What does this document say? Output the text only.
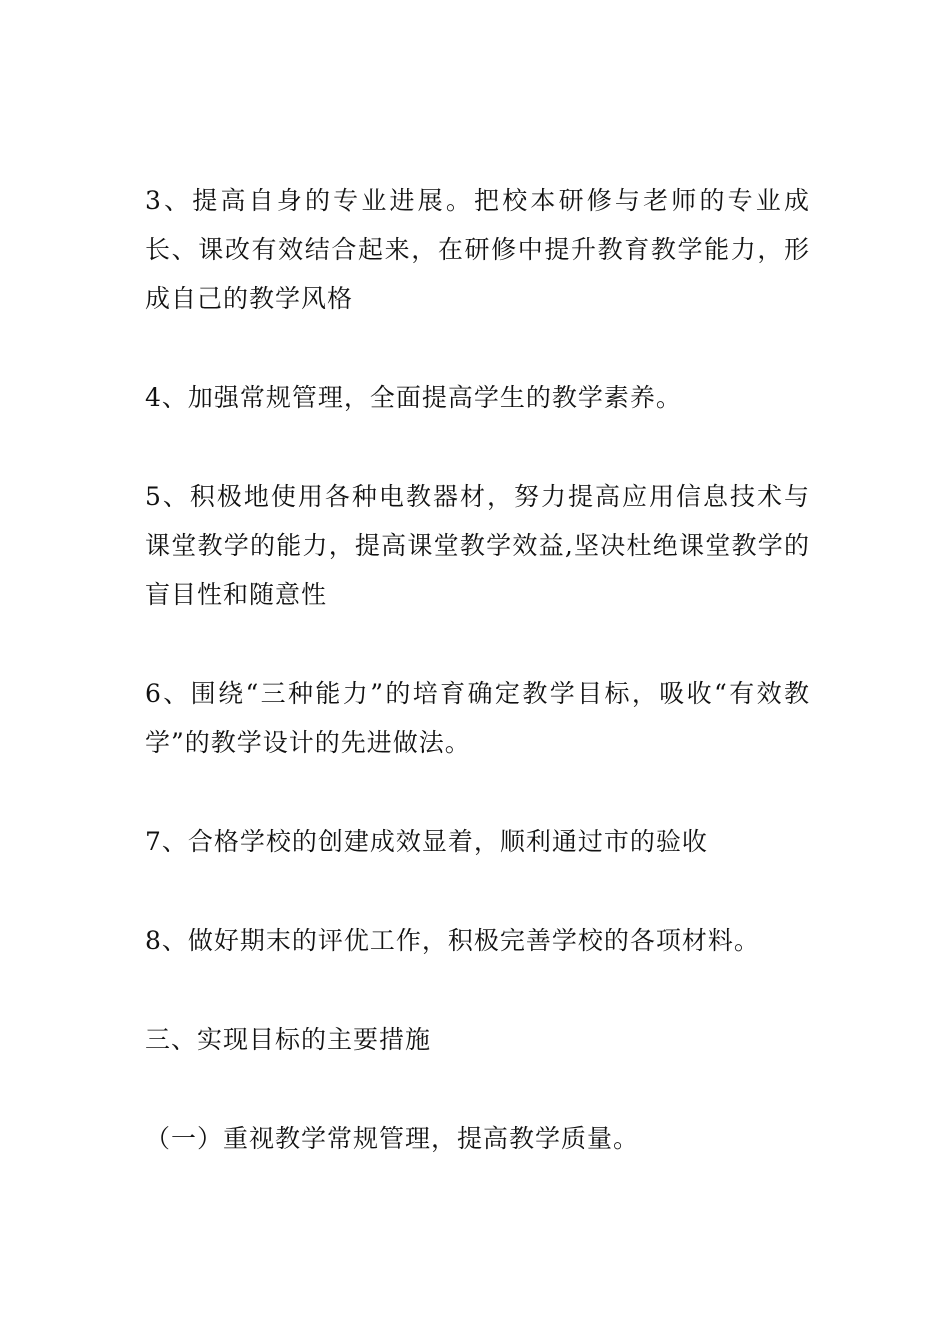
3、提高自身的专业进展。把校本研修与老师的专业成长、课改有效结合起来，在研修中提升教育教学能力，形成自己的教学风格

4、加强常规管理，全面提高学生的教学素养。

5、积极地使用各种电教器材，努力提高应用信息技术与课堂教学的能力，提高课堂教学效益,坚决杜绝课堂教学的盲目性和随意性

6、围绕“三种能力”的培育确定教学目标，吸收“有效教学”的教学设计的先进做法。

7、合格学校的创建成效显着，顺利通过市的验收

8、做好期末的评优工作，积极完善学校的各项材料。

三、实现目标的主要措施

（一）重视教学常规管理，提高教学质量。
